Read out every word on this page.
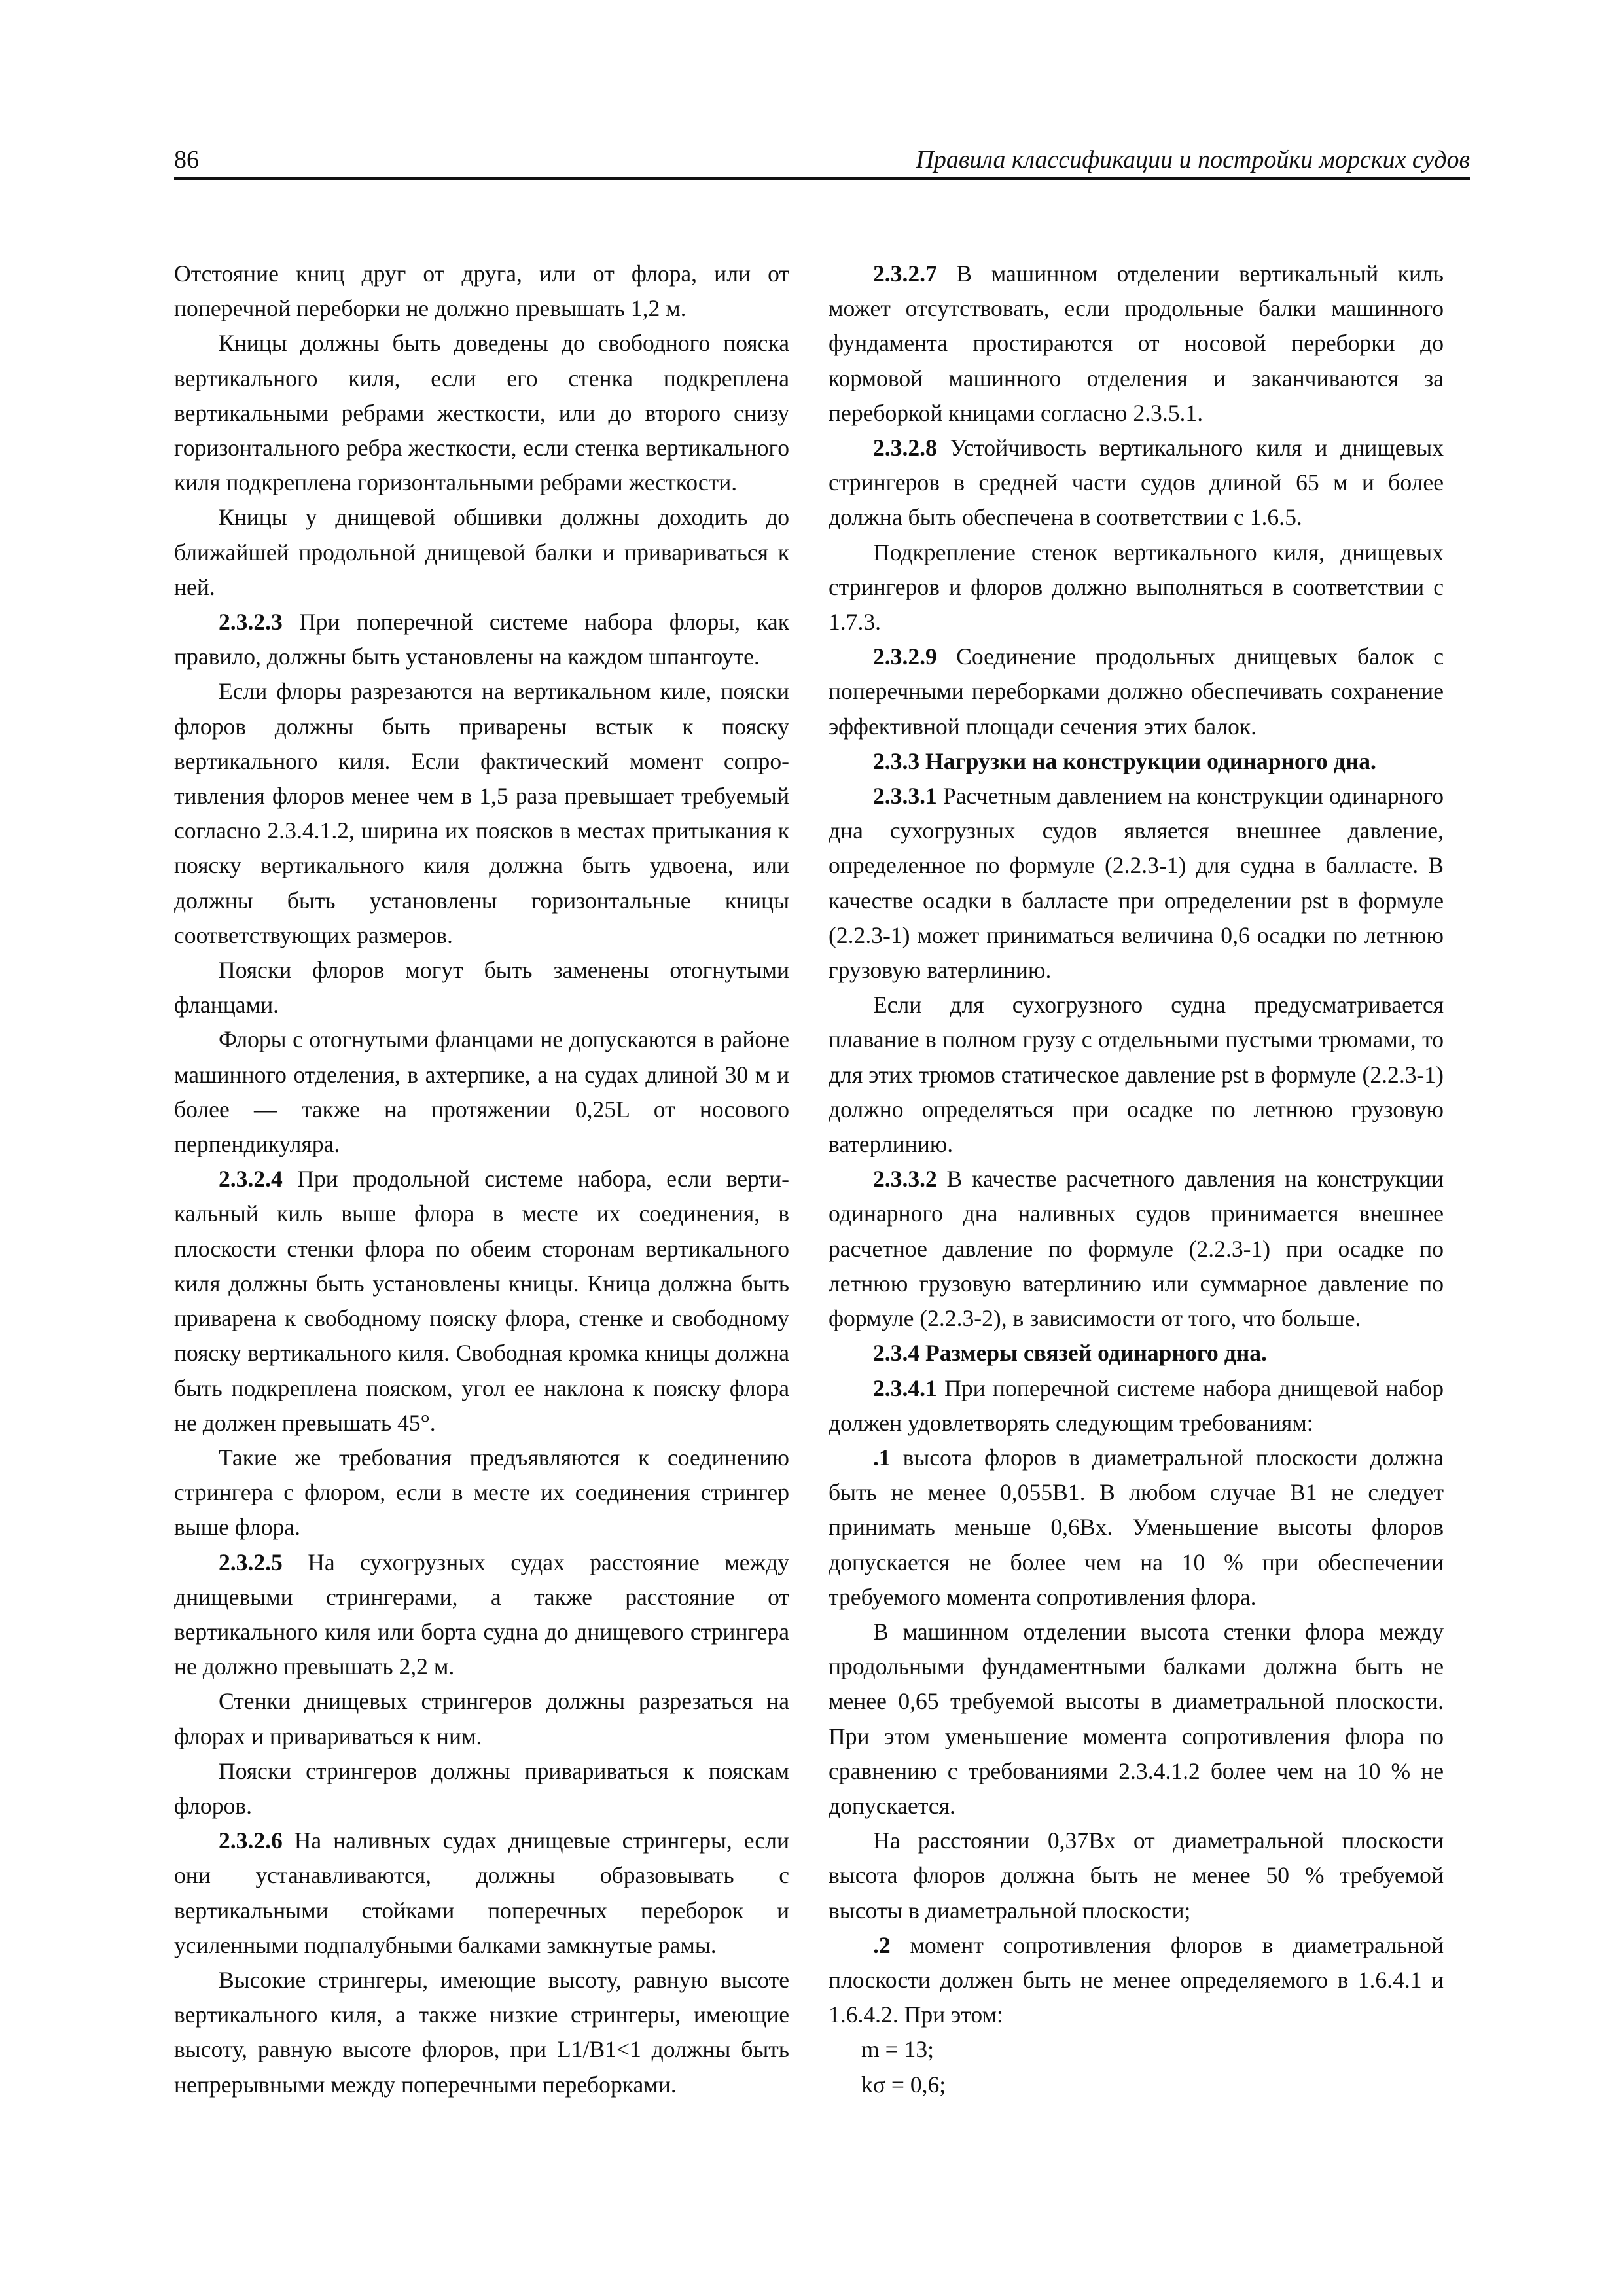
86	Правила классификации и постройки морских судов

Отстояние книц друг от друга, или от флора, или от поперечной переборки не должно превышать 1,2 м.

Кницы должны быть доведены до свободного пояска вертикального киля, если его стенка подкреплена вертикальными ребрами жесткости, или до второго снизу горизонтального ребра жесткости, если стенка вертикального киля подкреплена горизонтальными ребрами жесткости.

Кницы у днищевой обшивки должны доходить до ближайшей продольной днищевой балки и привариваться к ней.

2.3.2.3 При поперечной системе набора флоры, как правило, должны быть установлены на каждом шпангоуте.

Если флоры разрезаются на вертикальном киле, пояски флоров должны быть приварены встык к пояску вертикального киля. Если фактический момент сопротивления флоров менее чем в 1,5 раза превышает требуемый согласно 2.3.4.1.2, ширина их поясков в местах притыкания к пояску вертикального киля должна быть удвоена, или должны быть установлены горизонтальные кницы соответствующих размеров.

Пояски флоров могут быть заменены отогнутыми фланцами.

Флоры с отогнутыми фланцами не допускаются в районе машинного отделения, в ахтерпике, а на судах длиной 30 м и более — также на протяжении 0,25L от носового перпендикуляра.

2.3.2.4 При продольной системе набора, если вертикальный киль выше флора в месте их соединения, в плоскости стенки флора по обеим сторонам вертикального киля должны быть установлены кницы. Кница должна быть приварена к свободному пояску флора, стенке и свободному пояску вертикального киля. Свободная кромка кницы должна быть подкреплена пояском, угол ее наклона к пояску флора не должен превышать 45°.

Такие же требования предъявляются к соединению стрингера с флором, если в месте их соединения стрингер выше флора.

2.3.2.5 На сухогрузных судах расстояние между днищевыми стрингерами, а также расстояние от вертикального киля или борта судна до днищевого стрингера не должно превышать 2,2 м.

Стенки днищевых стрингеров должны разрезаться на флорах и привариваться к ним.

Пояски стрингеров должны привариваться к пояскам флоров.

2.3.2.6 На наливных судах днищевые стрингеры, если они устанавливаются, должны образовывать с вертикальными стойками поперечных переборок и усиленными подпалубными балками замкнутые рамы.

Высокие стрингеры, имеющие высоту, равную высоте вертикального киля, а также низкие стрингеры, имеющие высоту, равную высоте флоров, при L1/B1<1 должны быть непрерывными между поперечными переборками.

2.3.2.7 В машинном отделении вертикальный киль может отсутствовать, если продольные балки машинного фундамента простираются от носовой переборки до кормовой машинного отделения и заканчиваются за переборкой кницами согласно 2.3.5.1.

2.3.2.8 Устойчивость вертикального киля и днищевых стрингеров в средней части судов длиной 65 м и более должна быть обеспечена в соответствии с 1.6.5.

Подкрепление стенок вертикального киля, днищевых стрингеров и флоров должно выполняться в соответствии с 1.7.3.

2.3.2.9 Соединение продольных днищевых балок с поперечными переборками должно обеспечивать сохранение эффективной площади сечения этих балок.

2.3.3 Нагрузки на конструкции одинарного дна.

2.3.3.1 Расчетным давлением на конструкции одинарного дна сухогрузных судов является внешнее давление, определенное по формуле (2.2.3-1) для судна в балласте. В качестве осадки в балласте при определении pst в формуле (2.2.3-1) может приниматься величина 0,6 осадки по летнюю грузовую ватерлинию.

Если для сухогрузного судна предусматривается плавание в полном грузу с отдельными пустыми трюмами, то для этих трюмов статическое давление pst в формуле (2.2.3-1) должно определяться при осадке по летнюю грузовую ватерлинию.

2.3.3.2 В качестве расчетного давления на конструкции одинарного дна наливных судов принимается внешнее расчетное давление по формуле (2.2.3-1) при осадке по летнюю грузовую ватерлинию или суммарное давление по формуле (2.2.3-2), в зависимости от того, что больше.

2.3.4 Размеры связей одинарного дна.

2.3.4.1 При поперечной системе набора днищевой набор должен удовлетворять следующим требованиям:

.1 высота флоров в диаметральной плоскости должна быть не менее 0,055B1. В любом случае B1 не следует принимать меньше 0,6Bx. Уменьшение высоты флоров допускается не более чем на 10 % при обеспечении требуемого момента сопротивления флора.

В машинном отделении высота стенки флора между продольными фундаментными балками должна быть не менее 0,65 требуемой высоты в диаметральной плоскости. При этом уменьшение момента сопротивления флора по сравнению с требованиями 2.3.4.1.2 более чем на 10 % не допускается.

На расстоянии 0,37Bx от диаметральной плоскости высота флоров должна быть не менее 50 % требуемой высоты в диаметральной плоскости;

.2 момент сопротивления флоров в диаметральной плоскости должен быть не менее определяемого в 1.6.4.1 и 1.6.4.2. При этом:

m = 13;

kσ = 0,6;
